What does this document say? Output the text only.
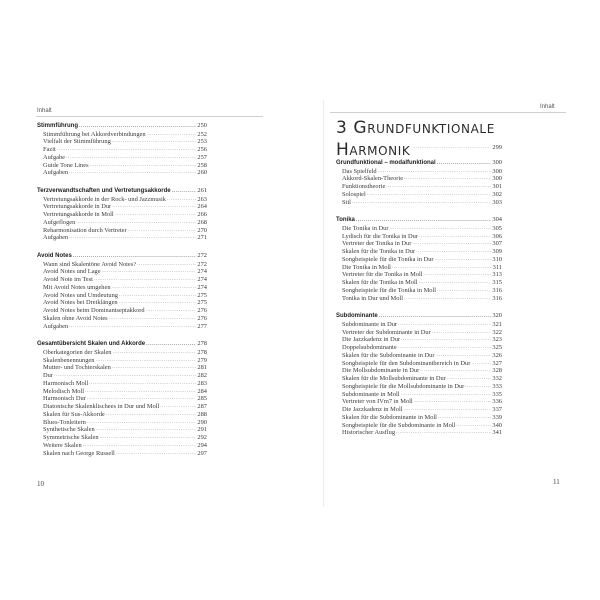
Inhalt
Stimmführung .....	250
Stimmführung bei Akkordverbindungen .....	252
Vielfalt der Stimmführung .....	253
Fazit .....	256
Aufgabe .....	257
Guide Tone Lines .....	258
Aufgaben .....	260
Terzverwandtschaften und Vertretungsakkorde .....	261
Vertretungsakkorde in der Rock- und Jazzmusik .....	263
Vertretungsakkorde in Dur .....	264
Vertretungsakkorde in Moll .....	266
Aufgeflogen .....	268
Reharmonisation durch Vertreter .....	270
Aufgaben .....	271
Avoid Notes .....	272
Wann sind Skalentöne Avoid Notes? .....	272
Avoid Notes und Lage .....	274
Avoid Note im Test .....	274
Mit Avoid Notes umgehen .....	274
Avoid Notes und Umdeutung .....	275
Avoid Notes bei Dreiklängen .....	275
Avoid Notes beim Dominantseptakkord .....	276
Skalen ohne Avoid Notes .....	276
Aufgaben .....	277
Gesamtübersicht Skalen und Akkorde .....	278
Oberkategorien der Skalen .....	278
Skalenbenennungen .....	279
Mutter- und Tochterskalen .....	281
Dur .....	282
Harmonisch Moll .....	283
Melodisch Moll .....	284
Harmonisch Dur .....	285
Diatonische Skalenklischees in Dur und Moll .....	287
Skalen für Sus-Akkorde .....	288
Blues-Tonleitern .....	290
Synthetische Skalen .....	291
Symmetrische Skalen .....	292
Weitere Skalen .....	294
Skalen nach George Russell .....	297
10
Inhalt
3 Grundfunktionale
Harmonik .....	299
Grundfunktional – modalfunktional .....	300
Das Spielfeld .....	300
Akkord-Skalen-Theorie .....	300
Funktionstheorie .....	301
Solospiel .....	302
Stil .....	303
Tonika .....	304
Die Tonika in Dur .....	305
Lydisch für die Tonika in Dur .....	306
Vertreter der Tonika in Dur .....	307
Skalen für die Tonika in Dur .....	309
Songbeispiele für die Tonika in Dur .....	310
Die Tonika in Moll .....	311
Vertreter für die Tonika in Moll .....	313
Skalen für die Tonika in Moll .....	315
Songbeispiele für die Tonika in Moll .....	316
Tonika in Dur und Moll .....	316
Subdominante .....	320
Subdominante in Dur .....	321
Vertreter der Subdominante in Dur .....	322
Die Jazzkadenz in Dur .....	323
Doppelsubdominante .....	325
Skalen für die Subdominante in Dur .....	326
Songbeispiele für den Subdominantbereich in Dur .....	327
Die Mollsubdominante in Dur .....	328
Skalen für die Mollsubdominante in Dur .....	332
Songbeispiele für die Mollsubdominante in Dur .....	333
Subdominante in Moll .....	335
Vertreter von IVm7 in Moll .....	336
Die Jazzkadenz in Moll .....	337
Skalen für die Subdominante in Moll .....	339
Songbeispiele für die Subdominante in Moll .....	340
Historischer Ausflug .....	341
11
